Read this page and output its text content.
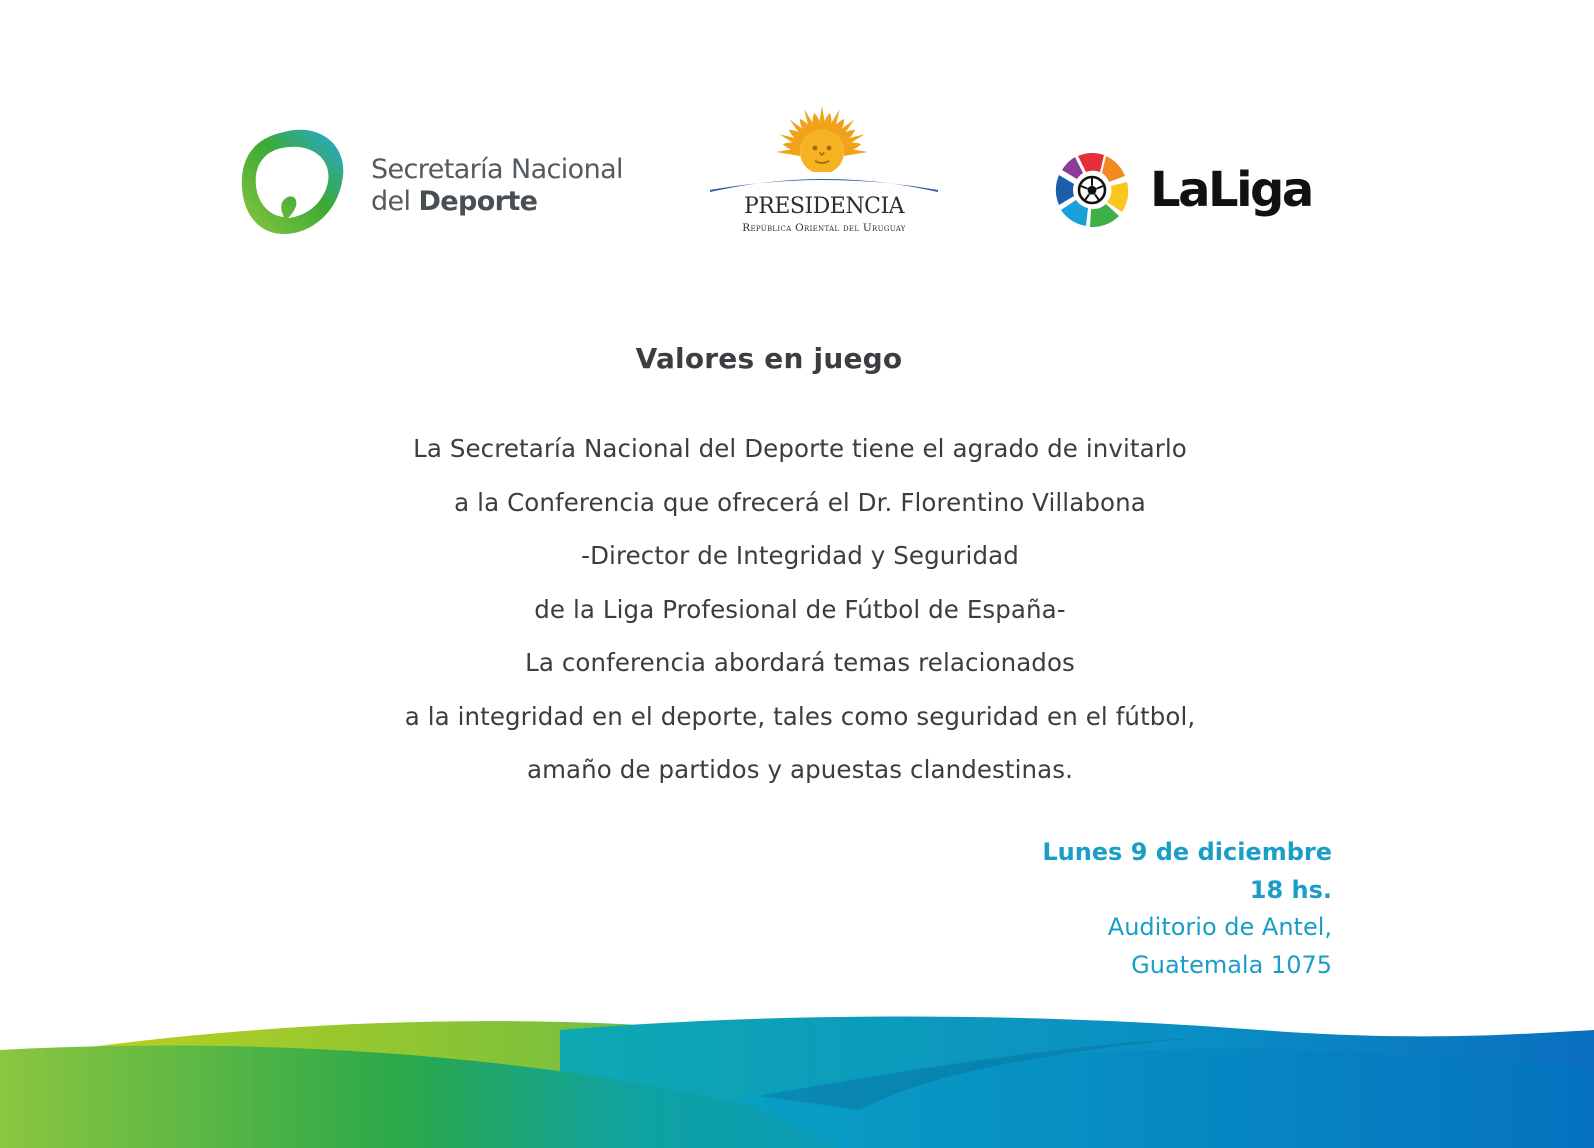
Secretaría Nacional
del Deporte	PRESIDENCIA
República Oriental del Uruguay
LaLiga
Valores en juego
La Secretaría Nacional del Deporte tiene el agrado de invitarlo
a la Conferencia que ofrecerá el Dr. Florentino Villabona
-Director de Integridad y Seguridad
de la Liga Profesional de Fútbol de España-
La conferencia abordará temas relacionados
a la integridad en el deporte, tales como seguridad en el fútbol,
amaño de partidos y apuestas clandestinas.
Lunes 9 de diciembre
18 hs.
Auditorio de Antel,
Guatemala 1075
